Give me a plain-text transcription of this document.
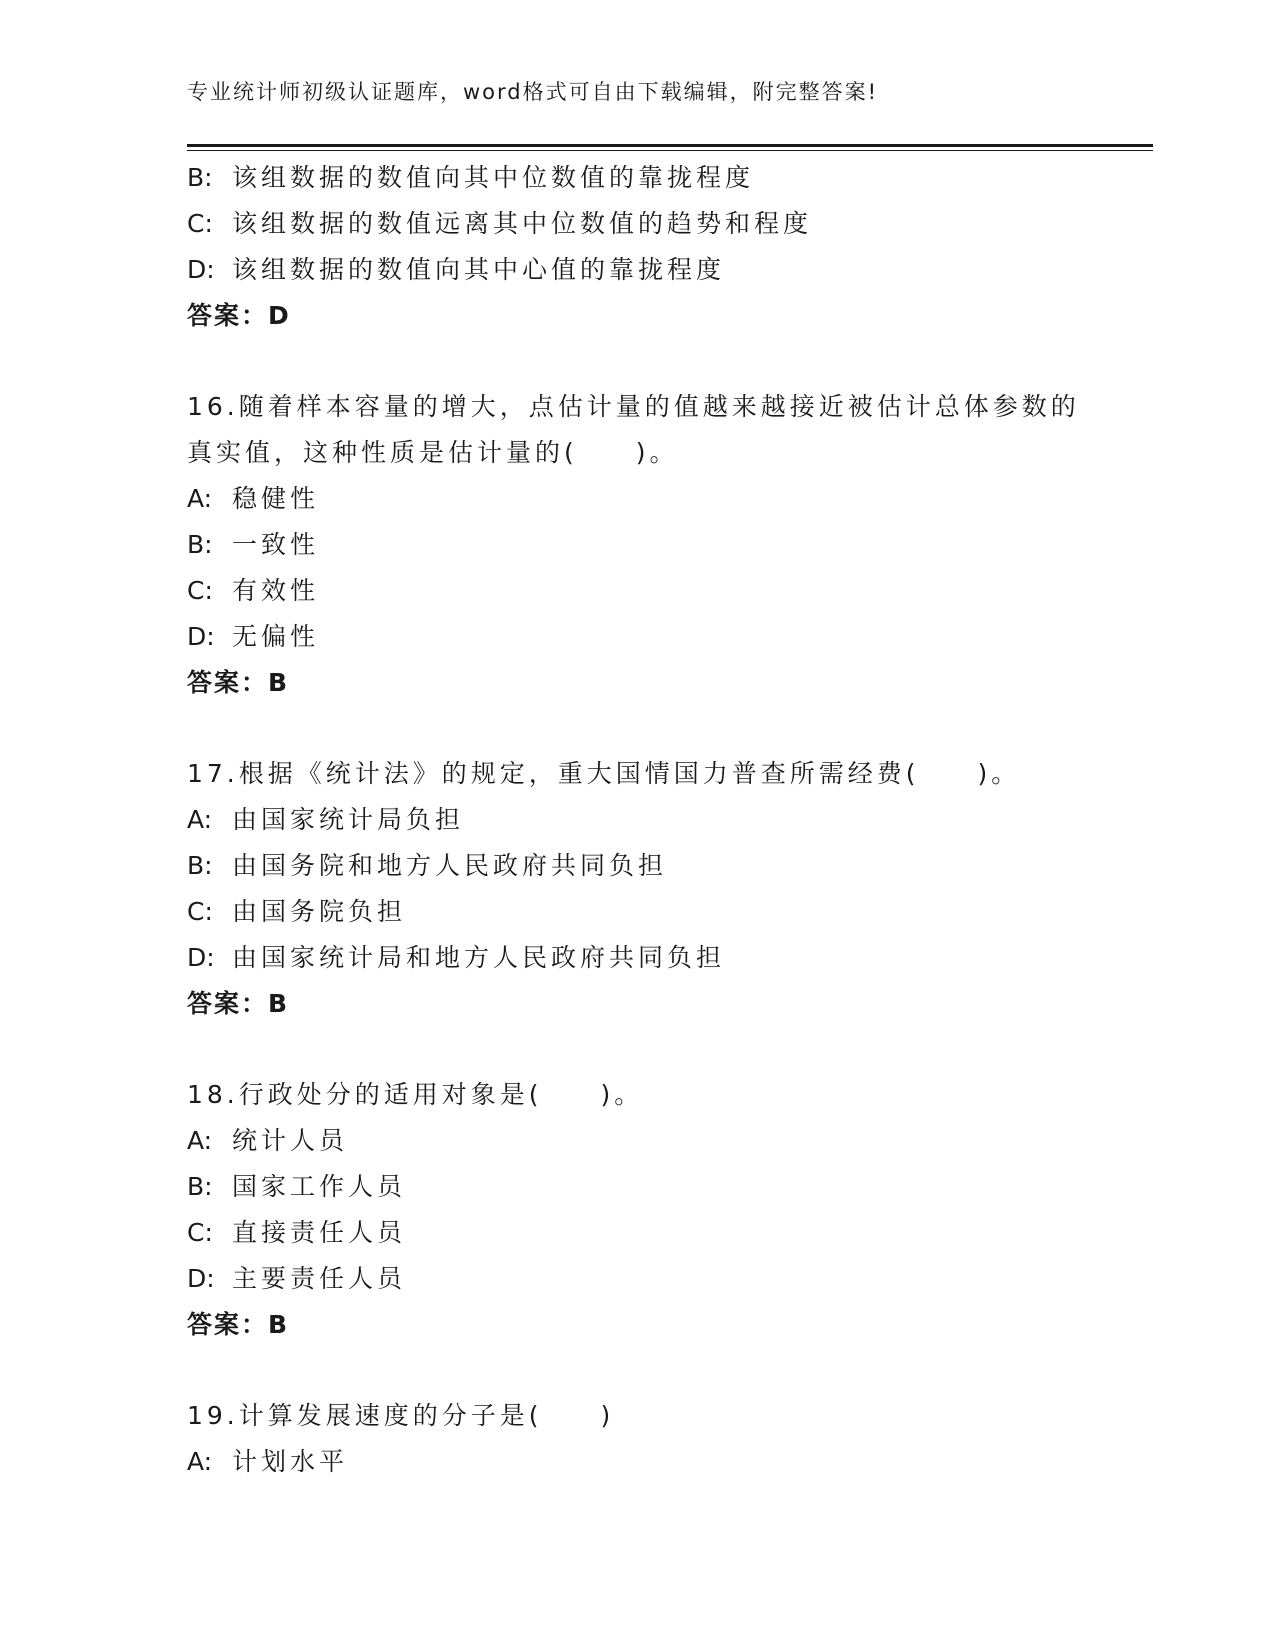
专业统计师初级认证题库，word格式可自由下载编辑，附完整答案!
B: 该组数据的数值向其中位数值的靠拢程度
C: 该组数据的数值远离其中位数值的趋势和程度
D: 该组数据的数值向其中心值的靠拢程度
答案：D
16.随着样本容量的增大，点估计量的值越来越接近被估计总体参数的
真实值，这种性质是估计量的(　　)。
A: 稳健性
B: 一致性
C: 有效性
D: 无偏性
答案：B
17.根据《统计法》的规定，重大国情国力普查所需经费(　　)。
A: 由国家统计局负担
B: 由国务院和地方人民政府共同负担
C: 由国务院负担
D: 由国家统计局和地方人民政府共同负担
答案：B
18.行政处分的适用对象是(　　)。
A: 统计人员
B: 国家工作人员
C: 直接责任人员
D: 主要责任人员
答案：B
19.计算发展速度的分子是(　　)
A: 计划水平
